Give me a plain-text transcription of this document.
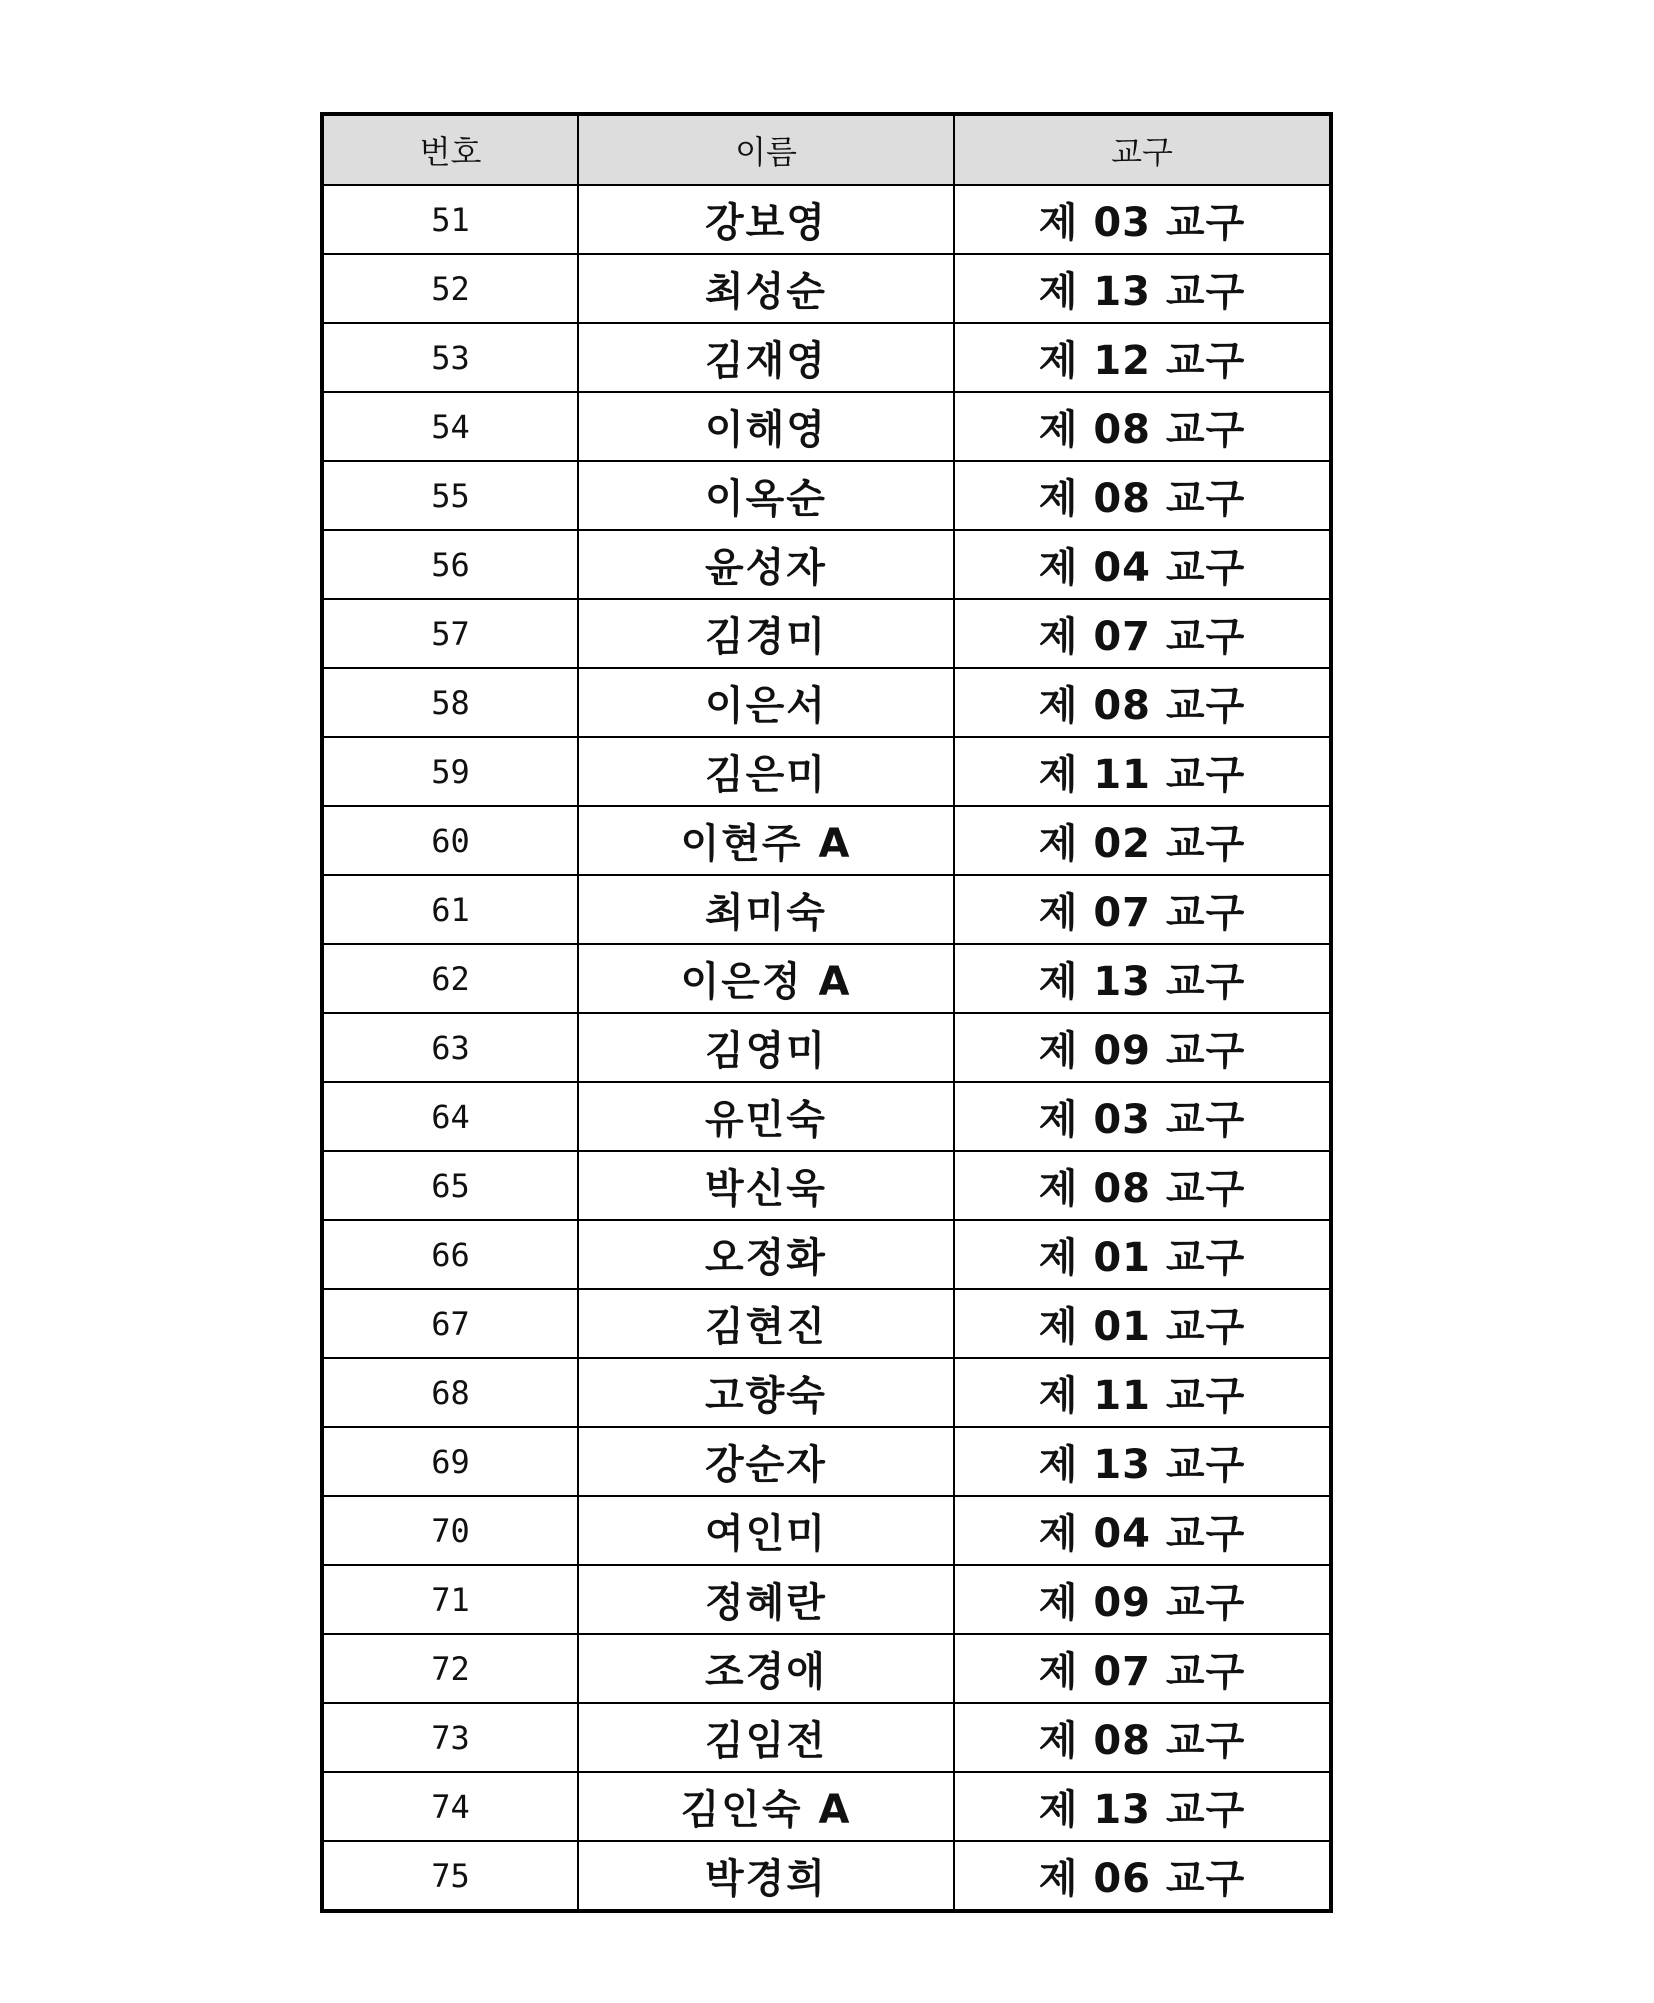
번호	이름	교구
51	강보영	제 03 교구
52	최성순	제 13 교구
53	김재영	제 12 교구
54	이해영	제 08 교구
55	이옥순	제 08 교구
56	윤성자	제 04 교구
57	김경미	제 07 교구
58	이은서	제 08 교구
59	김은미	제 11 교구
60	이현주 A	제 02 교구
61	최미숙	제 07 교구
62	이은정 A	제 13 교구
63	김영미	제 09 교구
64	유민숙	제 03 교구
65	박신욱	제 08 교구
66	오정화	제 01 교구
67	김현진	제 01 교구
68	고향숙	제 11 교구
69	강순자	제 13 교구
70	여인미	제 04 교구
71	정혜란	제 09 교구
72	조경애	제 07 교구
73	김임전	제 08 교구
74	김인숙 A	제 13 교구
75	박경희	제 06 교구
